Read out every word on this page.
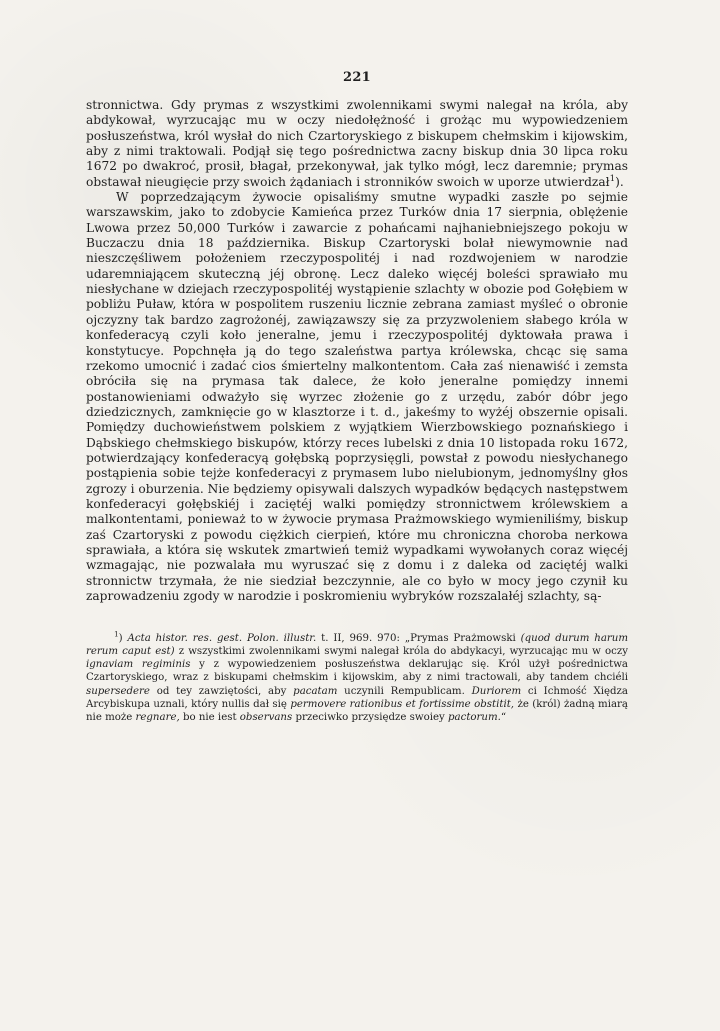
221

stronnictwa. Gdy prymas z wszystkimi zwolennikami swymi nalegał na króla, aby abdykował, wyrzucając mu w oczy niedołężność i grożąc mu wypowiedzeniem posłuszeństwa, król wysłał do nich Czartoryskiego z biskupem chełmskim i kijowskim, aby z nimi traktowali. Podjął się tego pośrednictwa zacny biskup dnia 30 lipca roku 1672 po dwakroć, prosił, błagał, przekonywał, jak tylko mógł, lecz daremnie; prymas obstawał nieugięcie przy swoich żądaniach i stronników swoich w uporze utwierdzał$^1$).

W poprzedzającym żywocie opisaliśmy smutne wypadki zaszłe po sejmie warszawskim, jako to zdobycie Kamieńca przez Turków dnia 17 sierpnia, oblężenie Lwowa przez 50,000 Turków i zawarcie z pohańcami najhaniebniejszego pokoju w Buczaczu dnia 18 października. Biskup Czartoryski bolał niewymownie nad nieszczęśliwem położeniem rzeczypospolitéj i nad rozdwojeniem w narodzie udaremniającem skuteczną jéj obronę. Lecz daleko więcéj boleści sprawiało mu niesłychane w dziejach rzeczypospolitéj wystąpienie szlachty w obozie pod Gołębiem w pobliżu Puław, która w pospolitem ruszeniu licznie zebrana zamiast myśleć o obronie ojczyzny tak bardzo zagrożonéj, zawiązawszy się za przyzwoleniem słabego króla w konfederacyą czyli koło jeneralne, jemu i rzeczypospolitéj dyktowała prawa i konstytucye. Popchnęła ją do tego szaleństwa partya królewska, chcąc się sama rzekomo umocnić i zadać cios śmiertelny malkontentom. Cała zaś nienawiść i zemsta obróciła się na prymasa tak dalece, że koło jeneralne pomiędzy innemi postanowieniami odważyło się wyrzec złożenie go z urzędu, zabór dóbr jego dziedzicznych, zamknięcie go w klasztorze i t. d., jakeśmy to wyżéj obszernie opisali. Pomiędzy duchowieństwem polskiem z wyjątkiem Wierzbowskiego poznańskiego i Dąbskiego chełmskiego biskupów, którzy reces lubelski z dnia 10 listopada roku 1672, potwierdzający konfederacyą gołębską poprzysięgli, powstał z powodu niesłychanego postąpienia sobie tejże konfederacyi z prymasem lubo nielubionym, jednomyślny głos zgrozy i oburzenia. Nie będziemy opisywali dalszych wypadków będących następstwem konfederacyi gołębskiéj i zaciętéj walki pomiędzy stronnictwem królewskiem a malkontentami, ponieważ to w żywocie prymasa Prażmowskiego wymieniliśmy, biskup zaś Czartoryski z powodu ciężkich cierpień, które mu chroniczna choroba nerkowa sprawiała, a która się wskutek zmartwień temiż wypadkami wywołanych coraz więcéj wzmagając, nie pozwalała mu wyruszać się z domu i z daleka od zaciętéj walki stronnictw trzymała, że nie siedział bezczynnie, ale co było w mocy jego czynił ku zaprowadzeniu zgody w narodzie i poskromieniu wybryków rozszalałéj szlachty, są-

$^1$) Acta histor. res. gest. Polon. illustr. t. II, 969. 970: „Prymas Prażmowski (quod durum harum rerum caput est) z wszystkimi zwolennikami swymi nalegał króla do abdykacyi, wyrzucając mu w oczy ignaviam regiminis y z wypowiedzeniem posłuszeństwa deklarując się. Król użył pośrednictwa Czartoryskiego, wraz z biskupami chełmskim i kijowskim, aby z nimi tractowali, aby tandem chciéli supersedere od tey zawziętości, aby pacatam uczynili Rempublicam. Duriorem ci Ichmość Xiędza Arcybiskupa uznali, który nullis dał się permovere rationibus et fortissime obstitit, że (król) żadną miarą nie może regnare, bo nie iest observans przeciwko przysiędze swoiey pactorum.“
